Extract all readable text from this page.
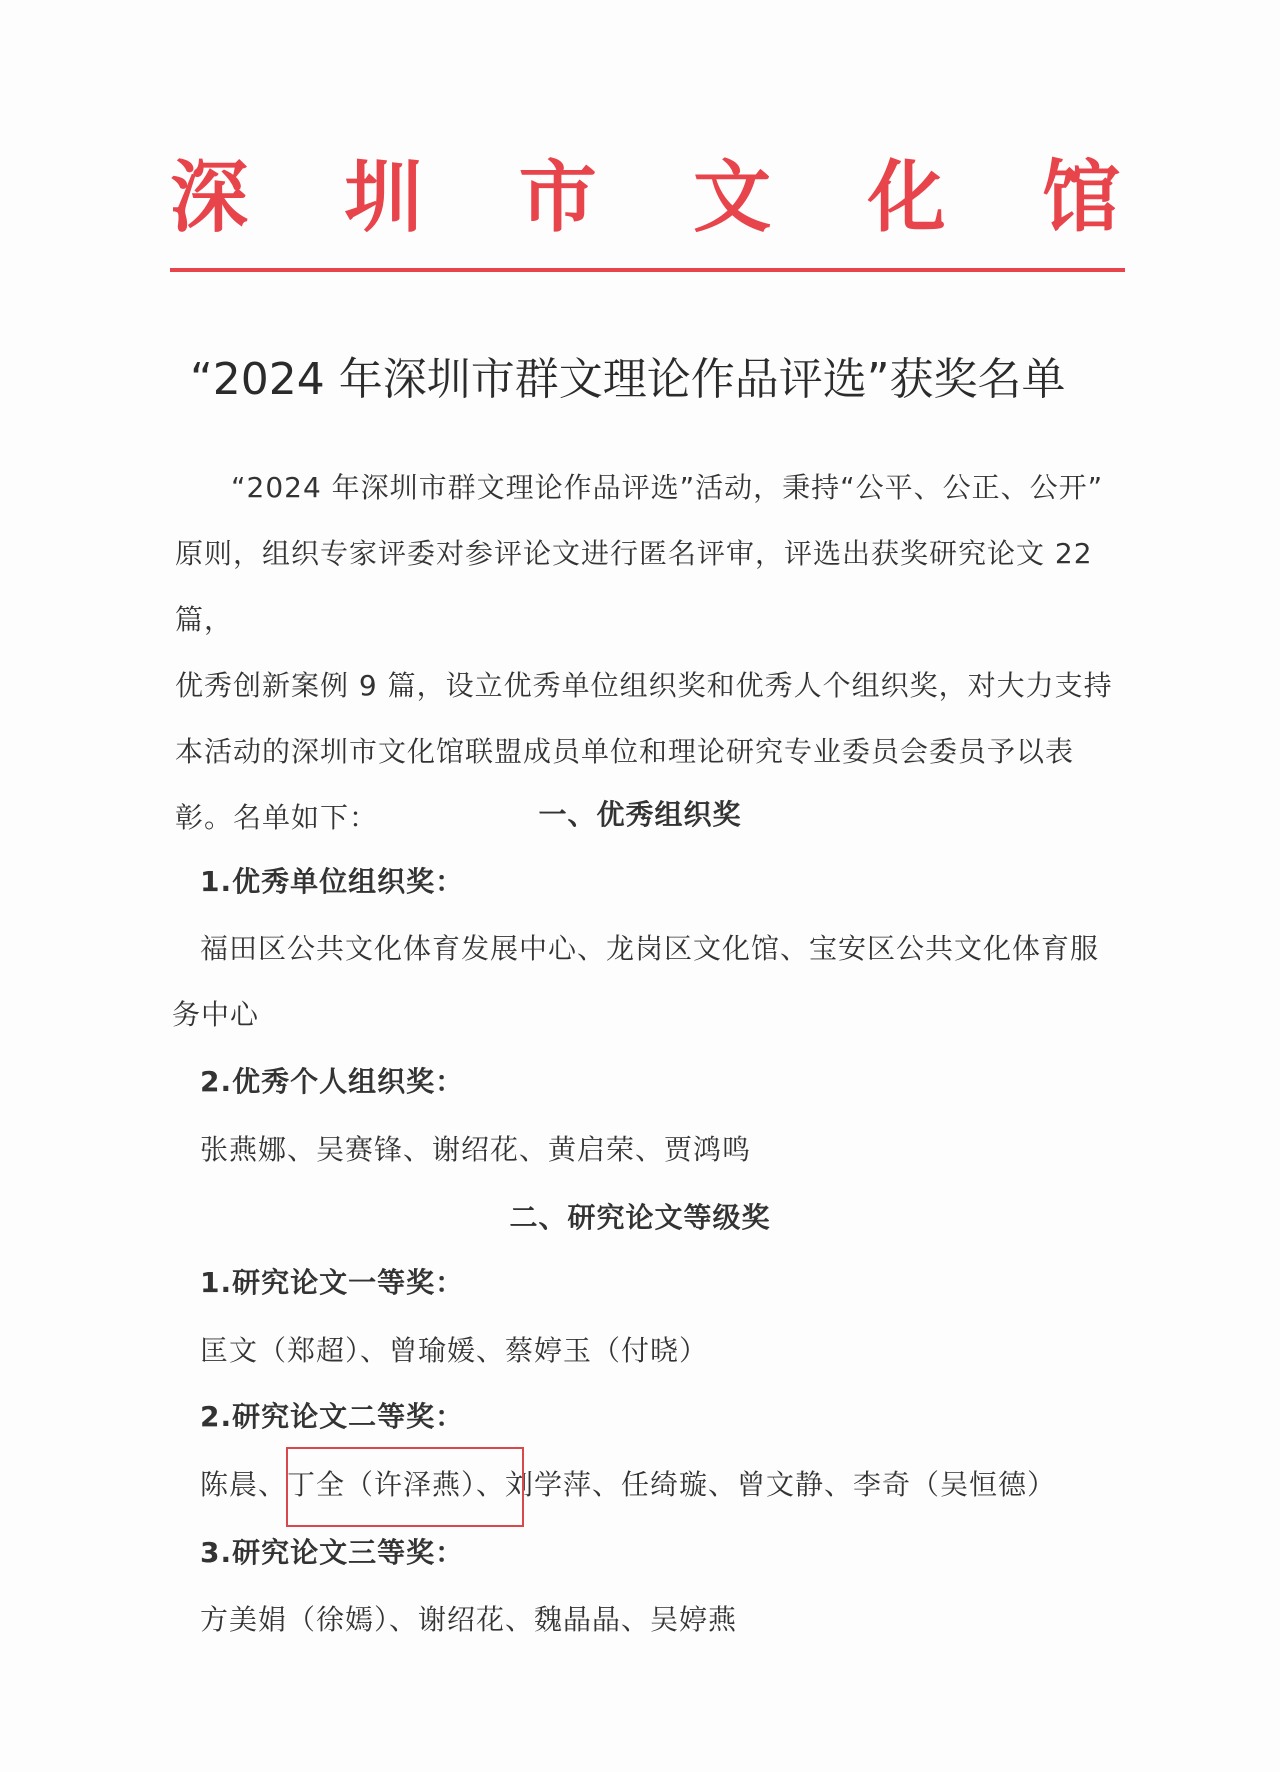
深 圳 市 文 化 馆
“2024 年深圳市群文理论作品评选”获奖名单
“2024 年深圳市群文理论作品评选”活动，秉持“公平、公正、公开”
原则，组织专家评委对参评论文进行匿名评审，评选出获奖研究论文 22 篇，
优秀创新案例 9 篇，设立优秀单位组织奖和优秀人个组织奖，对大力支持
本活动的深圳市文化馆联盟成员单位和理论研究专业委员会委员予以表
彰。名单如下：	一、优秀组织奖
1.优秀单位组织奖：
福田区公共文化体育发展中心、龙岗区文化馆、宝安区公共文化体育服
务中心
2.优秀个人组织奖：
张燕娜、吴赛锋、谢绍花、黄启荣、贾鸿鸣
二、研究论文等级奖
1.研究论文一等奖：
匡文（郑超）、曾瑜媛、蔡婷玉（付晓）
2.研究论文二等奖：
陈晨、丁全（许泽燕）、刘学萍、任绮璇、曾文静、李奇（吴恒德）
3.研究论文三等奖：
方美娟（徐嫣）、谢绍花、魏晶晶、吴婷燕
